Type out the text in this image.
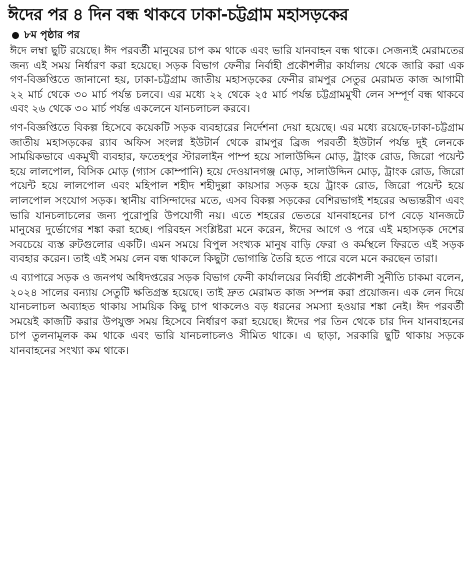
ঈদের পর ৪ দিন বন্ধ থাকবে ঢাকা-চট্টগ্রাম মহাসড়কের
৮ম পৃষ্ঠার পর

ঈদে লম্বা ছুটি রয়েছে। ঈদ পরবর্তী মানুষের চাপ কম থাকে এবং ভারি যানবাহন বন্ধ থাকে। সেজন্যই মেরামতের জন্য এই সময় নির্ধারণ করা হয়েছে। সড়ক বিভাগ ফেনীর নির্বাহী প্রকৌশলীর কার্যালয় থেকে জারি করা এক গণ-বিজ্ঞপ্তিতে জানানো হয়, ঢাকা-চট্টগ্রাম জাতীয় মহাসড়কের ফেনীর রামপুর সেতুর মেরামত কাজ আগামী ২২ মার্চ থেকে ৩০ মার্চ পর্যন্ত চলবে। এর মধ্যে ২২ থেকে ২৫ মার্চ পর্যন্ত চট্টগ্রামমুখী লেন সম্পূর্ণ বন্ধ থাকবে এবং ২৬ থেকে ৩০ মার্চ পর্যন্ত একলেনে যানচলাচল করবে।

গণ-বিজ্ঞপ্তিতে বিকল্প হিসেবে কয়েকটি সড়ক ব্যবহারের নির্দেশনা দেয়া হয়েছে। এর মধ্যে রয়েছে-ঢাকা-চট্টগ্রাম জাতীয় মহাসড়কের র‌্যাব অফিস সংলগ্ন ইউটার্ন থেকে রামপুর ব্রিজ পরবর্তী ইউটার্ন পর্যন্ত দুই লেনকে সাময়িকভাবে একমুখী ব্যবহার, ফতেহপুর স্টারলাইন পাম্প হয়ে সালাউদ্দিন মোড়, ট্রাংক রোড, জিরো পয়েন্ট হয়ে লালপোল, বিসিক মোড় (গ্যাস কোম্পানি) হয়ে দেওয়ানগঞ্জ মোড়, সালাউদ্দিন মোড়, ট্রাংক রোড, জিরো পয়েন্ট হয়ে লালপোল এবং মহিপাল শহীদ শহীদুল্লা কায়সার সড়ক হয়ে ট্রাংক রোড, জিরো পয়েন্ট হয়ে লালপোল সংযোগ সড়ক। স্থানীয় বাসিন্দাদের মতে, এসব বিকল্প সড়কের বেশিরভাগই শহরের অভ্যন্তরীণ এবং ভারি যানচলাচলের জন্য পুরোপুরি উপযোগী নয়। এতে শহরের ভেতরে যানবাহনের চাপ বেড়ে যানজটে মানুষের দুর্ভোগের শঙ্কা করা হচ্ছে। পরিবহন সংশ্লিষ্টরা মনে করেন, ঈদের আগে ও পরে এই মহাসড়ক দেশের সবচেয়ে ব্যস্ত রুটগুলোর একটি। এমন সময়ে বিপুল সংখ্যক মানুষ বাড়ি ফেরা ও কর্মস্থলে ফিরতে এই সড়ক ব্যবহার করেন। তাই এই সময় লেন বন্ধ থাকলে কিছুটা ভোগান্তি তৈরি হতে পারে বলে মনে করছেন তারা।

এ ব্যাপারে সড়ক ও জনপথ অধিদপ্তরের সড়ক বিভাগ ফেনী কার্যালয়ের নির্বাহী প্রকৌশলী সুনীতি চাকমা বলেন, ২০২৪ সালের বন্যায় সেতুটি ক্ষতিগ্রস্ত হয়েছে। তাই দ্রুত মেরামত কাজ সম্পন্ন করা প্রয়োজন। এক লেন দিয়ে যানচলাচল অব্যাহত থাকায় সাময়িক কিছু চাপ থাকলেও বড় ধরনের সমস্যা হওয়ার শঙ্কা নেই। ঈদ পরবর্তী সময়েই কাজটি করার উপযুক্ত সময় হিসেবে নির্ধারণ করা হয়েছে। ঈদের পর তিন থেকে চার দিন যানবাহনের চাপ তুলনামূলক কম থাকে এবং ভারি যানচলাচলও সীমিত থাকে। এ ছাড়া, সরকারি ছুটি থাকায় সড়কে যানবাহনের সংখ্যা কম থাকে।
